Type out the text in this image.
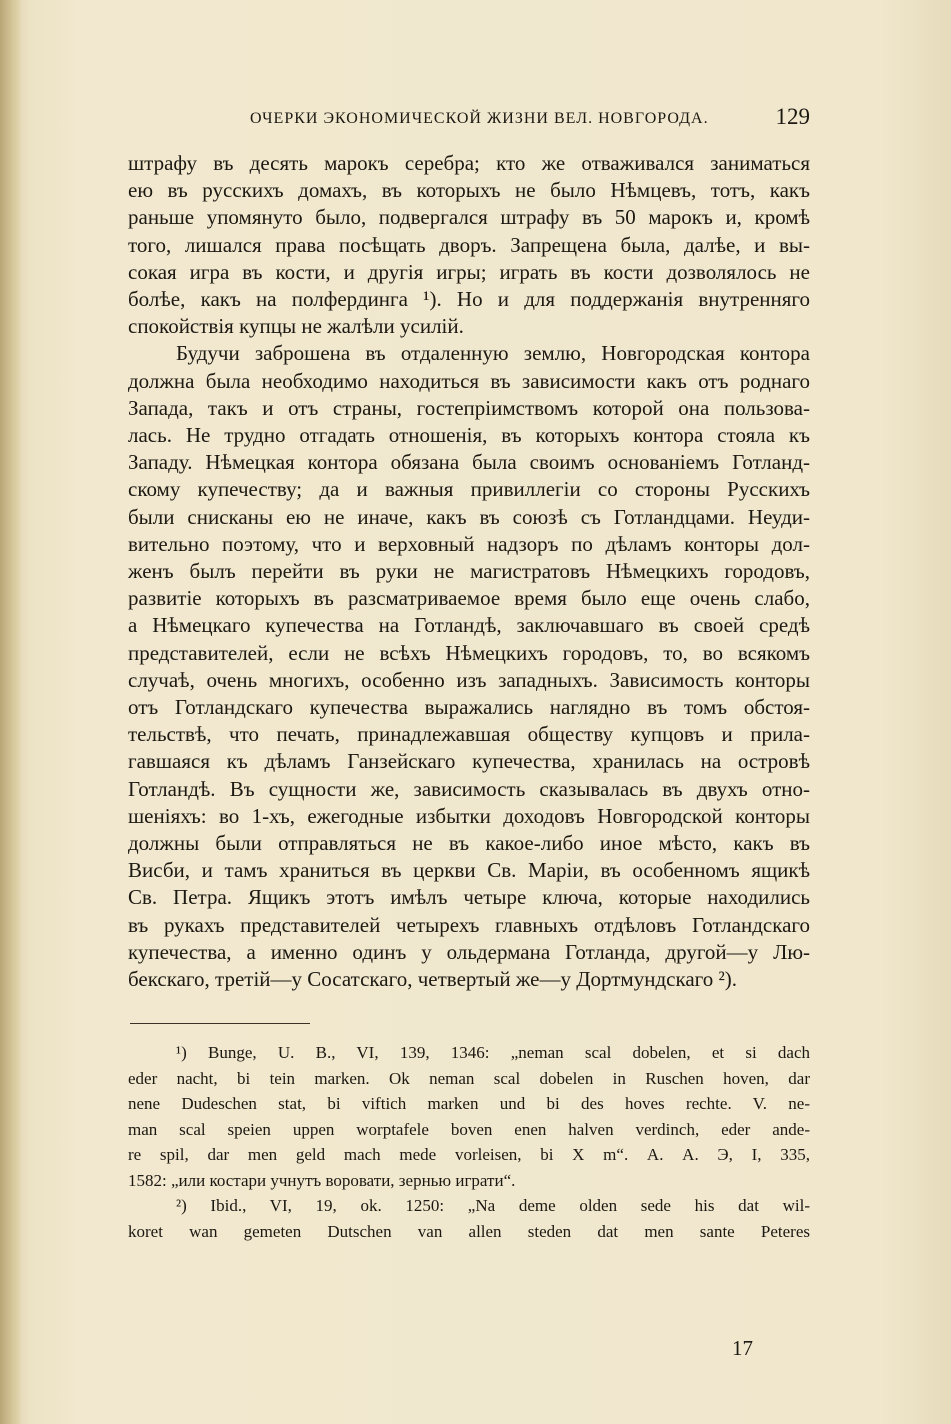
ОЧЕРКИ ЭКОНОМИЧЕСКОЙ ЖИЗНИ ВЕЛ. НОВГОРОДА.	129
штрафу въ десять марокъ серебра; кто же отваживался заниматься
ею въ русскихъ домахъ, въ которыхъ не было Нѣмцевъ, тотъ, какъ
раньше упомянуто было, подвергался штрафу въ 50 марокъ и, кромѣ
того, лишался права посѣщать дворъ. Запрещена была, далѣе, и вы-
сокая игра въ кости, и другія игры; играть въ кости дозволялось не
болѣе, какъ на полфердинга ¹). Но и для поддержанія внутренняго
спокойствія купцы не жалѣли усилій.
Будучи заброшена въ отдаленную землю, Новгородская контора
должна была необходимо находиться въ зависимости какъ отъ роднаго
Запада, такъ и отъ страны, гостепріимствомъ которой она пользова-
лась. Не трудно отгадать отношенія, въ которыхъ контора стояла къ
Западу. Нѣмецкая контора обязана была своимъ основаніемъ Готланд-
скому купечеству; да и важныя привиллегіи со стороны Русскихъ
были снисканы ею не иначе, какъ въ союзѣ съ Готландцами. Неуди-
вительно поэтому, что и верховный надзоръ по дѣламъ конторы дол-
женъ былъ перейти въ руки не магистратовъ Нѣмецкихъ городовъ,
развитіе которыхъ въ разсматриваемое время было еще очень слабо,
а Нѣмецкаго купечества на Готландѣ, заключавшаго въ своей средѣ
представителей, если не всѣхъ Нѣмецкихъ городовъ, то, во всякомъ
случаѣ, очень многихъ, особенно изъ западныхъ. Зависимость конторы
отъ Готландскаго купечества выражались наглядно въ томъ обстоя-
тельствѣ, что печать, принадлежавшая обществу купцовъ и прила-
гавшаяся къ дѣламъ Ганзейскаго купечества, хранилась на островѣ
Готландѣ. Въ сущности же, зависимость сказывалась въ двухъ отно-
шеніяхъ: во 1-хъ, ежегодные избытки доходовъ Новгородской конторы
должны были отправляться не въ какое-либо иное мѣсто, какъ въ
Висби, и тамъ храниться въ церкви Св. Маріи, въ особенномъ ящикѣ
Св. Петра. Ящикъ этотъ имѣлъ четыре ключа, которые находились
въ рукахъ представителей четырехъ главныхъ отдѣловъ Готландскаго
купечества, а именно одинъ у ольдермана Готланда, другой—у Лю-
бекскаго, третій—у Сосатскаго, четвертый же—у Дортмундскаго ²).
¹) Bunge, U. B., VI, 139, 1346: „neman scal dobelen, et si dach
eder nacht, bi tein marken. Ok neman scal dobelen in Ruschen hoven, dar
nene Dudeschen stat, bi viftich marken und bi des hoves rechte. V. ne-
man scal speien uppen worptafele boven enen halven verdinch, eder ande-
re spil, dar men geld mach mede vorleisen, bi X m“. А. А. Э, I, 335,
1582: „или костари учнутъ воровати, зернью играти“.
²) Ibid., VI, 19, ok. 1250: „Na deme olden sede his dat wil-
koret wan gemeten Dutschen van allen steden dat men sante Peteres
17
